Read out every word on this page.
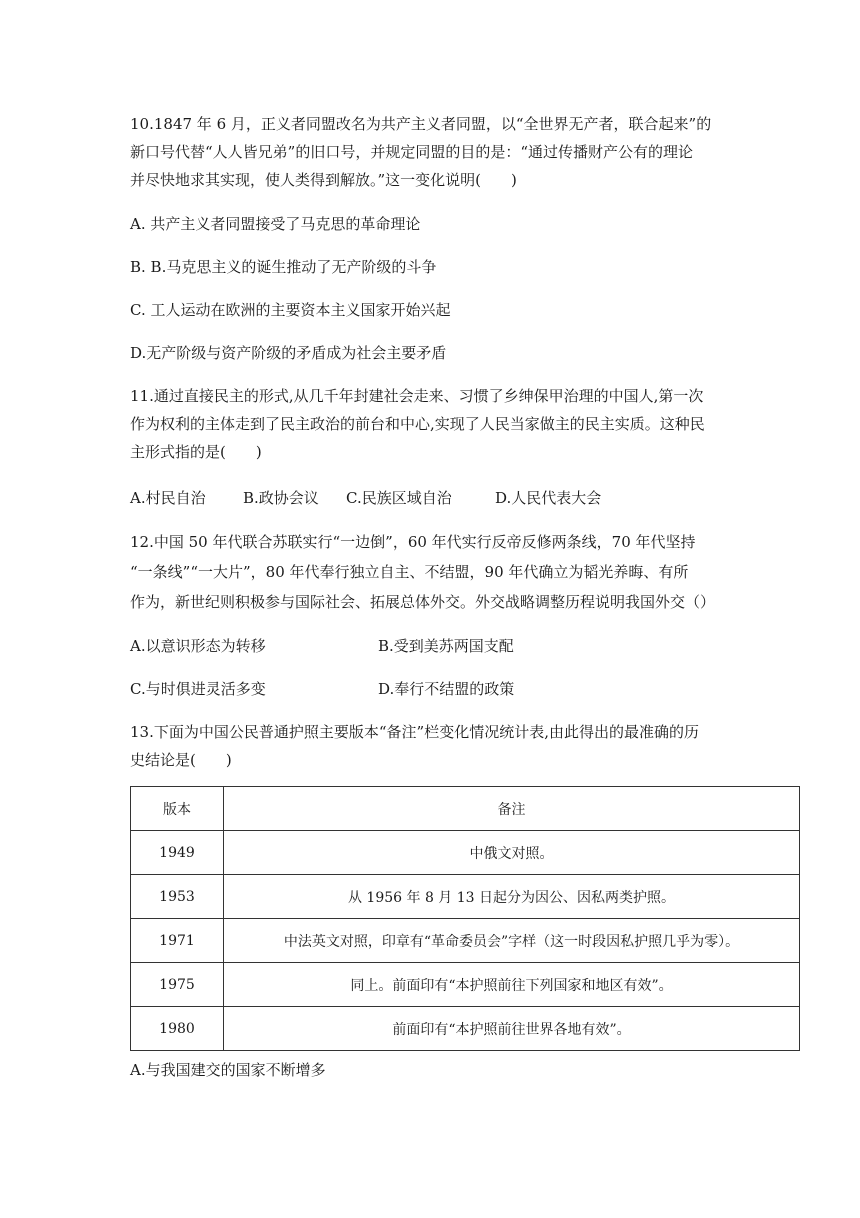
10.1847 年 6 月，正义者同盟改名为共产主义者同盟，以“全世界无产者，联合起来”的
新口号代替“人人皆兄弟”的旧口号，并规定同盟的目的是：“通过传播财产公有的理论
并尽快地求其实现，使人类得到解放。”这一变化说明(　　)
A. 共产主义者同盟接受了马克思的革命理论
B. B.马克思主义的诞生推动了无产阶级的斗争
C. 工人运动在欧洲的主要资本主义国家开始兴起
D.无产阶级与资产阶级的矛盾成为社会主要矛盾
11.通过直接民主的形式,从几千年封建社会走来、习惯了乡绅保甲治理的中国人,第一次
作为权利的主体走到了民主政治的前台和中心,实现了人民当家做主的民主实质。这种民
主形式指的是(　　)
A.村民自治 B.政协会议 C.民族区域自治	D.人民代表大会
12.中国 50 年代联合苏联实行“一边倒”，60 年代实行反帝反修两条线，70 年代坚持
“一条线”“一大片”，80 年代奉行独立自主、不结盟，90 年代确立为韬光养晦、有所
作为，新世纪则积极参与国际社会、拓展总体外交。外交战略调整历程说明我国外交（）
A.以意识形态为转移	B.受到美苏两国支配
C.与时俱进灵活多变	D.奉行不结盟的政策
13.下面为中国公民普通护照主要版本“备注”栏变化情况统计表,由此得出的最准确的历
史结论是(　　)
版本	备注
1949	中俄文对照。
1953	从 1956 年 8 月 13 日起分为因公、因私两类护照。
1971	中法英文对照，印章有“革命委员会”字样（这一时段因私护照几乎为零）。
1975	同上。前面印有“本护照前往下列国家和地区有效”。
1980	前面印有“本护照前往世界各地有效”。
A.与我国建交的国家不断增多
